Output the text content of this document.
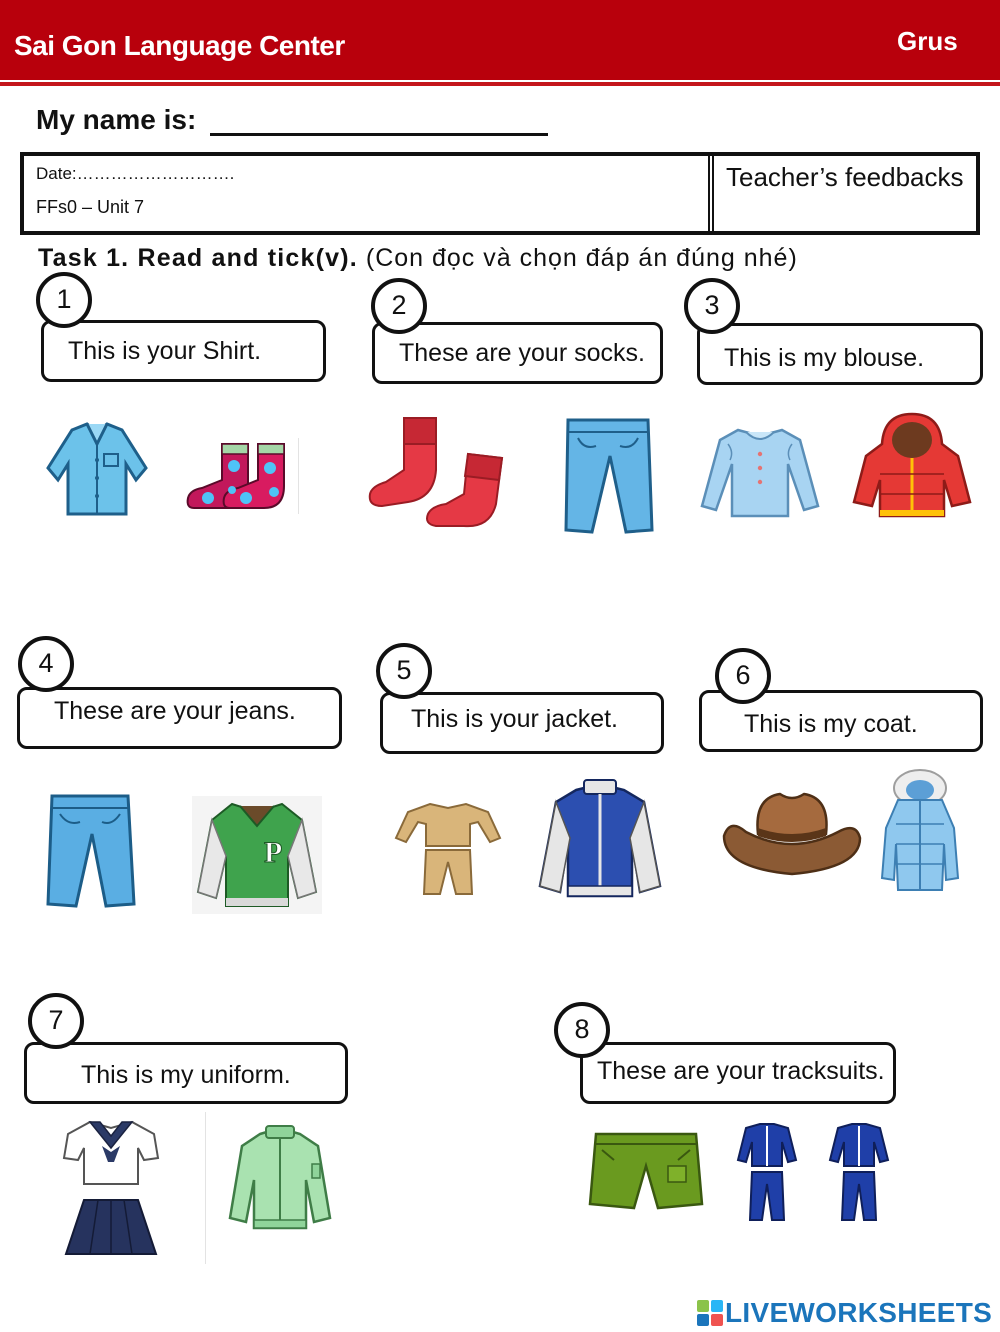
Sai Gon Language Center	Grus
My name is:
Date:……………………….
FFs0 – Unit 7
Teacher’s feedbacks
Task 1. Read and tick(v). (Con đọc và chọn đáp án đúng nhé)
This is your Shirt.
1
These are your socks.
2
This is my blouse.
3
These are your jeans.
4
P
This is your jacket.
5
This is my coat.
6
This is my uniform.
7
These are your tracksuits.
8
LIVEWORKSHEETS
